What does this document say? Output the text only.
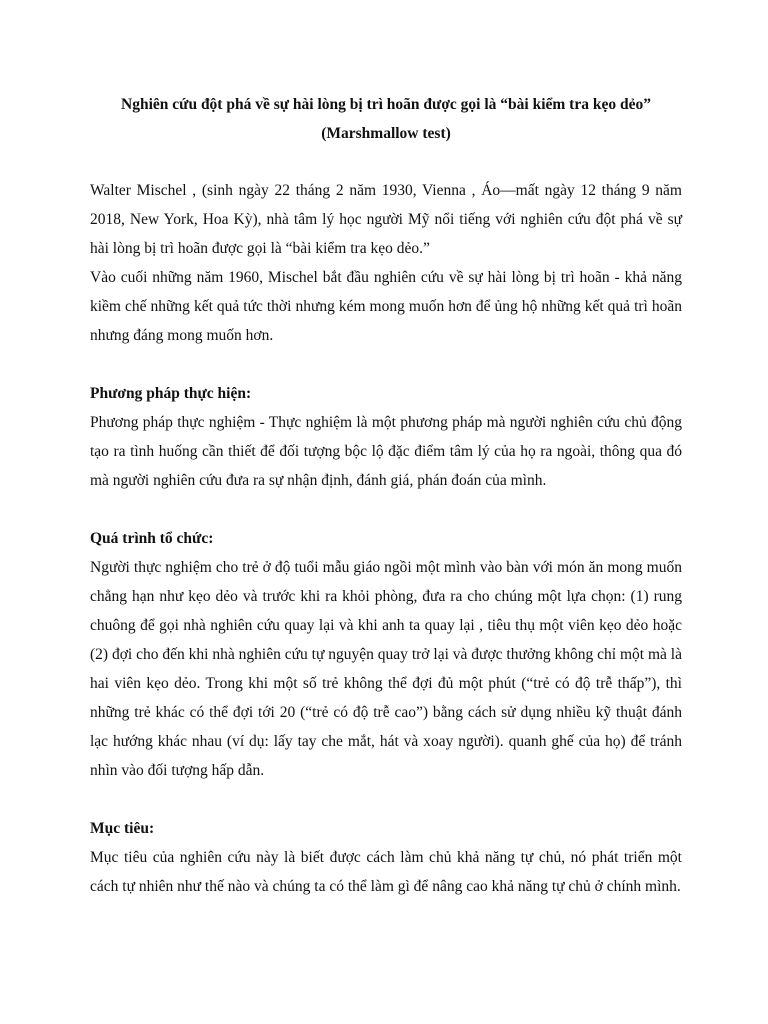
Nghiên cứu đột phá về sự hài lòng bị trì hoãn được gọi là “bài kiểm tra kẹo dẻo”
(Marshmallow test)

Walter Mischel , (sinh ngày 22 tháng 2 năm 1930, Vienna , Áo—mất ngày 12 tháng 9 năm 2018, New York, Hoa Kỳ), nhà tâm lý học người Mỹ nổi tiếng với nghiên cứu đột phá về sự hài lòng bị trì hoãn được gọi là “bài kiểm tra kẹo dẻo.”

Vào cuối những năm 1960, Mischel bắt đầu nghiên cứu về sự hài lòng bị trì hoãn - khả năng kiềm chế những kết quả tức thời nhưng kém mong muốn hơn để ủng hộ những kết quả trì hoãn nhưng đáng mong muốn hơn.

Phương pháp thực hiện:

Phương pháp thực nghiệm - Thực nghiệm là một phương pháp mà người nghiên cứu chủ động tạo ra tình huống cần thiết để đối tượng bộc lộ đặc điểm tâm lý của họ ra ngoài, thông qua đó mà người nghiên cứu đưa ra sự nhận định, đánh giá, phán đoán của mình.

Quá trình tổ chức:

Người thực nghiệm cho trẻ ở độ tuổi mẫu giáo ngồi một mình vào bàn với món ăn mong muốn chẳng hạn như kẹo dẻo và trước khi ra khỏi phòng, đưa ra cho chúng một lựa chọn: (1) rung chuông để gọi nhà nghiên cứu quay lại và khi anh ta quay lại , tiêu thụ một viên kẹo dẻo hoặc (2) đợi cho đến khi nhà nghiên cứu tự nguyện quay trở lại và được thưởng không chỉ một mà là hai viên kẹo dẻo. Trong khi một số trẻ không thể đợi đủ một phút (“trẻ có độ trễ thấp”), thì những trẻ khác có thể đợi tới 20 (“trẻ có độ trễ cao”) bằng cách sử dụng nhiều kỹ thuật đánh lạc hướng khác nhau (ví dụ: lấy tay che mắt, hát và xoay người). quanh ghế của họ) để tránh nhìn vào đối tượng hấp dẫn.

Mục tiêu:

Mục tiêu của nghiên cứu này là biết được cách làm chủ khả năng tự chủ, nó phát triển một cách tự nhiên như thế nào và chúng ta có thể làm gì để nâng cao khả năng tự chủ ở chính mình.
